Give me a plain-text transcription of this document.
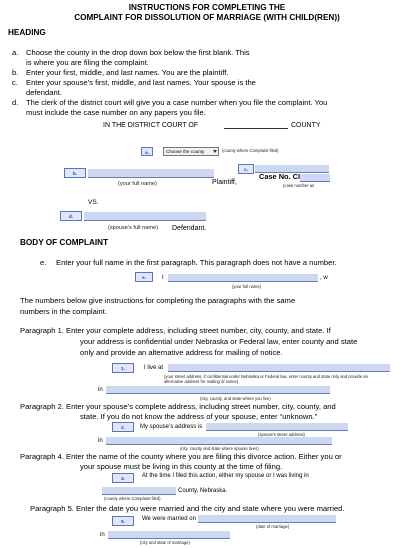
INSTRUCTIONS FOR COMPLETING THE
COMPLAINT FOR DISSOLUTION OF MARRIAGE (WITH CHILD(REN))
HEADING
a. Choose the county in the drop down box below the first blank. This
is where you are filing the complaint.
b. Enter your first, middle, and last names. You are the plaintiff.
c. Enter your spouse’s first, middle, and last names. Your spouse is the
defendant.
d. The clerk of the district court will give you a case number when you file the complaint. You
must include the case number on any papers you file.
IN THE DISTRICT COURT OF	COUNTY
a.	Choose the county	(county where Complaint filed)
b.
(your full name)	Plaintiff,
c.
Case No. CI
(case number as
VS.
d.
(spouse’s full name) Defendant.
BODY OF COMPLAINT
e. Enter your full name in the first paragraph. This paragraph does not have a number.
e.	I	, w
(your full name)
The numbers below give instructions for completing the paragraphs with the same
numbers in the complaint.
Paragraph 1. Enter your complete address, including street number, city, county, and state. If
your address is confidential under Nebraska or Federal law, enter county and state
only and provide an alternative address for mailing of notice.
1.	I live at
(your street address, if confidential under Nebraska or Federal law, enter county and state only and provide an
alternative address for mailing of notice)
in
(city, county, and state where you live)
Paragraph 2. Enter your spouse’s complete address, including street number, city, county, and
state. If you do not know the address of your spouse, enter “unknown.”
2.	My spouse’s address is
(spouse’s street address)
in
(city, county and state where spouse lives)
Paragraph 4. Enter the name of the county where you are filing this divorce action. Either you or
your spouse must be living in this county at the time of filing.
4.	At the time I filed this action, either my spouse or I was living in
County, Nebraska.
(county where Complaint filed)
Paragraph 5. Enter the date you were married and the city and state where you were married.
5.	We were married on
(date of marriage)
in
(city and state of marriage)
